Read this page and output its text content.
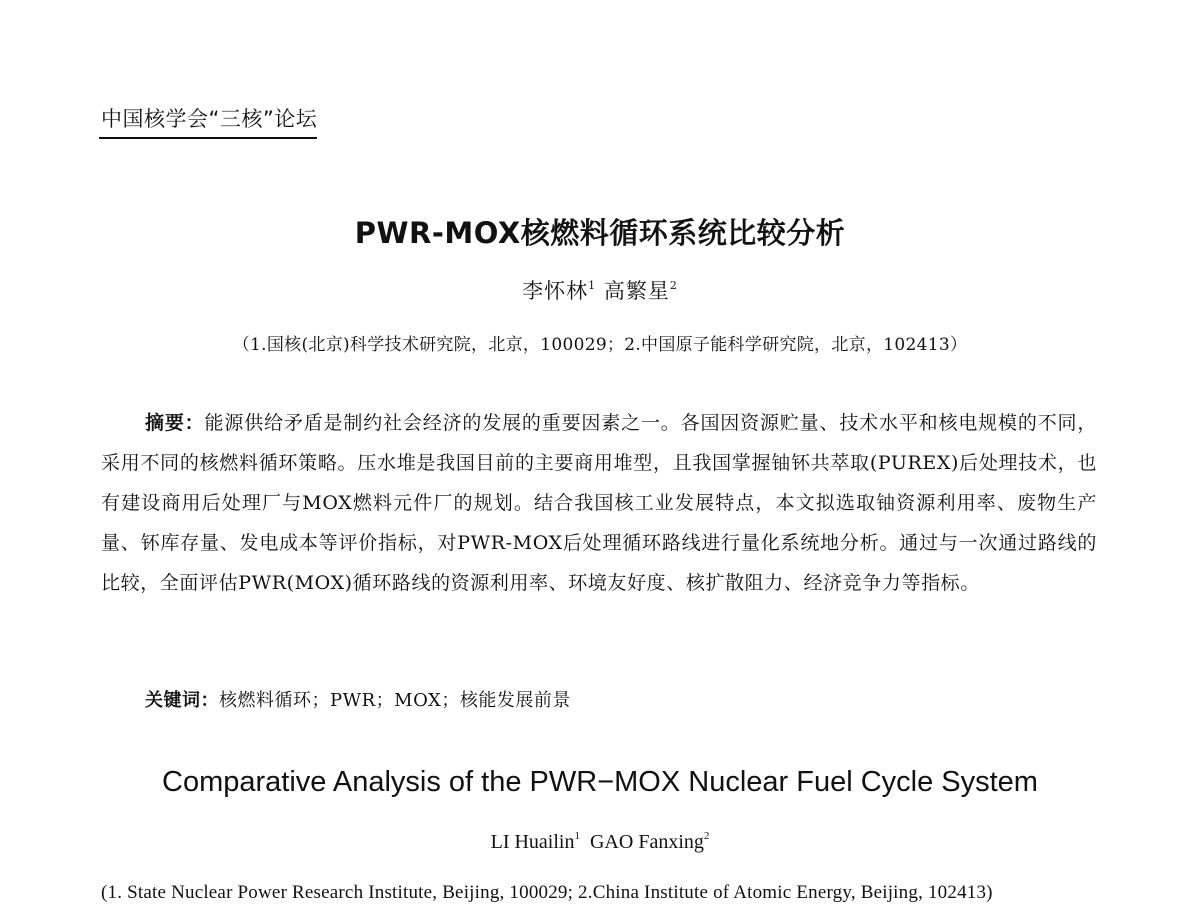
中国核学会“三核”论坛
PWR-MOX核燃料循环系统比较分析
李怀林$^1$ 高繁星$^2$
（1.国核(北京)科学技术研究院，北京，100029；2.中国原子能科学研究院，北京，102413）
摘要：能源供给矛盾是制约社会经济的发展的重要因素之一。各国因资源贮量、技术水平和核电规模的不同，采用不同的核燃料循环策略。压水堆是我国目前的主要商用堆型，且我国掌握铀钚共萃取(PUREX)后处理技术，也有建设商用后处理厂与MOX燃料元件厂的规划。结合我国核工业发展特点，本文拟选取铀资源利用率、废物生产量、钚库存量、发电成本等评价指标，对PWR-MOX后处理循环路线进行量化系统地分析。通过与一次通过路线的比较，全面评估PWR(MOX)循环路线的资源利用率、环境友好度、核扩散阻力、经济竞争力等指标。
关键词：核燃料循环；PWR；MOX；核能发展前景
Comparative Analysis of the PWR−MOX Nuclear Fuel Cycle System
LI Huailin$^1$ GAO Fanxing$^2$
(1. State Nuclear Power Research Institute, Beijing, 100029; 2.China Institute of Atomic Energy, Beijing, 102413)
